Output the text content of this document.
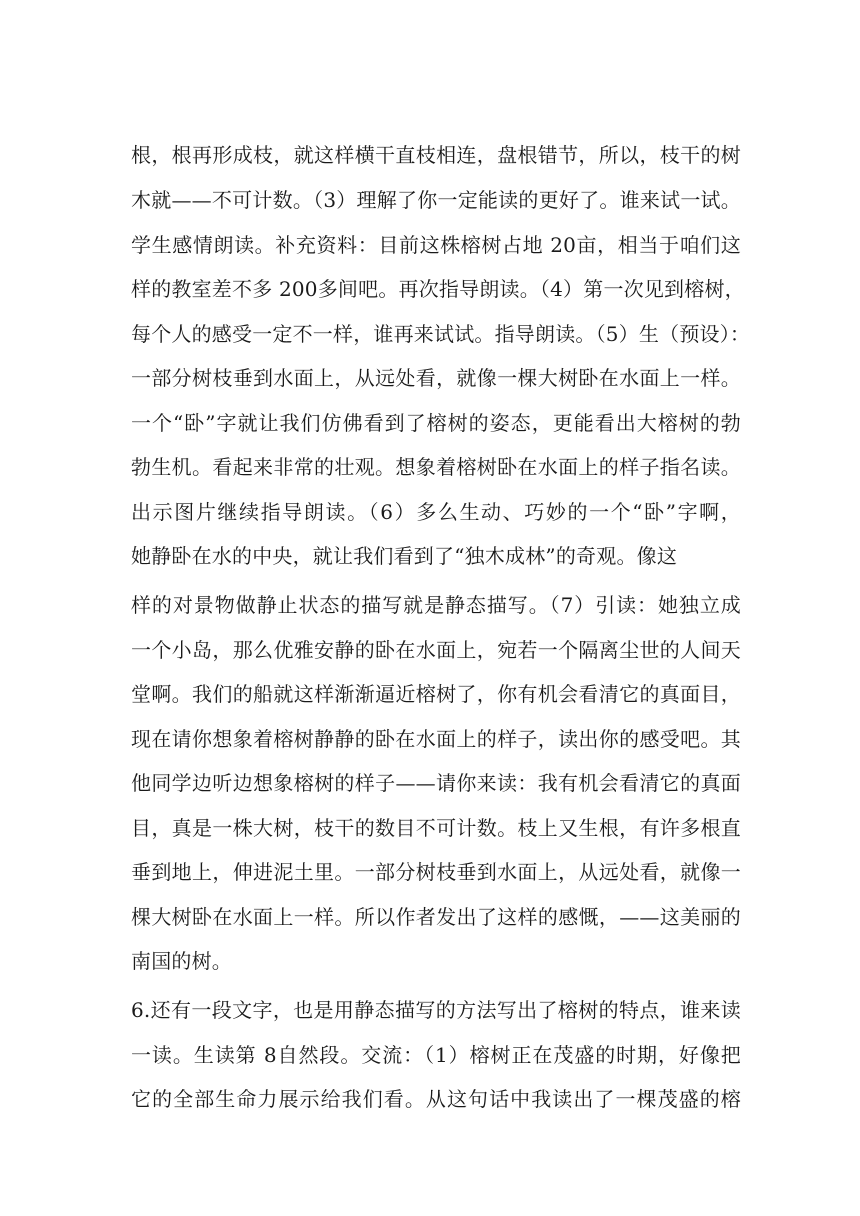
根，根再形成枝，就这样横干直枝相连，盘根错节，所以，枝干的树
木就——不可计数。（3）理解了你一定能读的更好了。谁来试一试。
学生感情朗读。补充资料：目前这株榕树占地 20亩，相当于咱们这
样的教室差不多 200多间吧。再次指导朗读。（4）第一次见到榕树，
每个人的感受一定不一样，谁再来试试。指导朗读。（5）生（预设）：
一部分树枝垂到水面上，从远处看，就像一棵大树卧在水面上一样。
一个“卧”字就让我们仿佛看到了榕树的姿态，更能看出大榕树的勃
勃生机。看起来非常的壮观。想象着榕树卧在水面上的样子指名读。
出示图片继续指导朗读。（6）多么生动、巧妙的一个“卧”字啊，
她静卧在水的中央，就让我们看到了“独木成林”的奇观。像这
样的对景物做静止状态的描写就是静态描写。（7）引读：她独立成
一个小岛，那么优雅安静的卧在水面上，宛若一个隔离尘世的人间天
堂啊。我们的船就这样渐渐逼近榕树了，你有机会看清它的真面目，
现在请你想象着榕树静静的卧在水面上的样子，读出你的感受吧。其
他同学边听边想象榕树的样子——请你来读：我有机会看清它的真面
目，真是一株大树，枝干的数目不可计数。枝上又生根，有许多根直
垂到地上，伸进泥土里。一部分树枝垂到水面上，从远处看，就像一
棵大树卧在水面上一样。所以作者发出了这样的感慨，——这美丽的
南国的树。
6.还有一段文字，也是用静态描写的方法写出了榕树的特点，谁来读
一读。生读第 8自然段。交流：（1）榕树正在茂盛的时期，好像把
它的全部生命力展示给我们看。从这句话中我读出了一棵茂盛的榕
